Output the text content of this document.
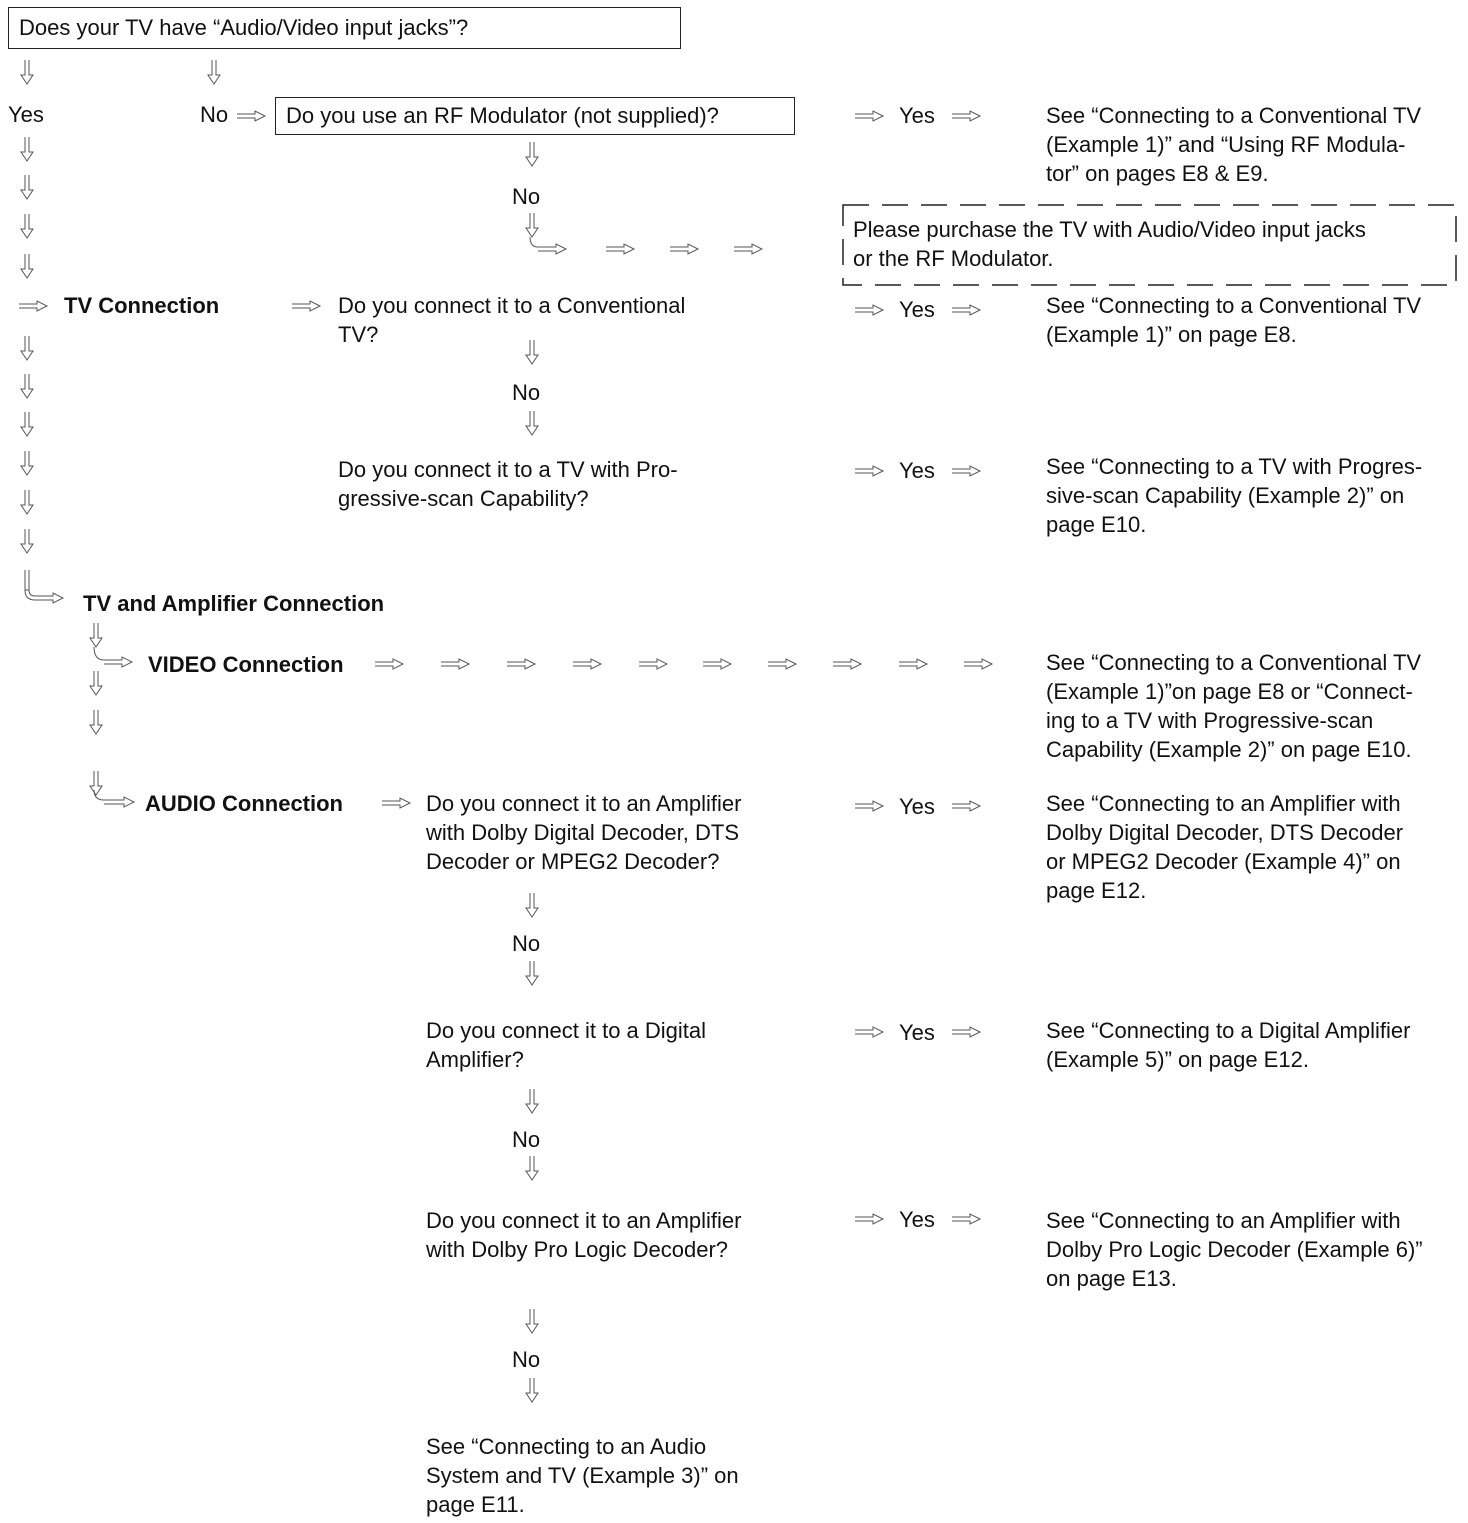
Does your TV have “Audio/Video input jacks”?
Yes	No	Do you use an RF Modulator (not supplied)?	Yes	See “Connecting to a Conventional TV
(Example 1)” and “Using RF Modula-
tor” on pages E8 & E9.
No
Please purchase the TV with Audio/Video input jacks
or the RF Modulator.
TV Connection	Do you connect it to a Conventional
TV?
Yes	See “Connecting to a Conventional TV
(Example 1)” on page E8.
No
Do you connect it to a TV with Pro-
gressive-scan Capability?
Yes	See “Connecting to a TV with Progres-
sive-scan Capability (Example 2)” on
page E10.
TV and Amplifier Connection
VIDEO Connection	See “Connecting to a Conventional TV
(Example 1)”on page E8 or “Connect-
ing to a TV with Progressive-scan
Capability (Example 2)” on page E10.
AUDIO Connection	Do you connect it to an Amplifier
with Dolby Digital Decoder, DTS
Decoder or MPEG2 Decoder?
Yes	See “Connecting to an Amplifier with
Dolby Digital Decoder, DTS Decoder
or MPEG2 Decoder (Example 4)” on
page E12.
No
Do you connect it to a Digital
Amplifier?
Yes	See “Connecting to a Digital Amplifier
(Example 5)” on page E12.
No
Do you connect it to an Amplifier
with Dolby Pro Logic Decoder?
Yes	See “Connecting to an Amplifier with
Dolby Pro Logic Decoder (Example 6)”
on page E13.
No
See “Connecting to an Audio
System and TV (Example 3)” on
page E11.
